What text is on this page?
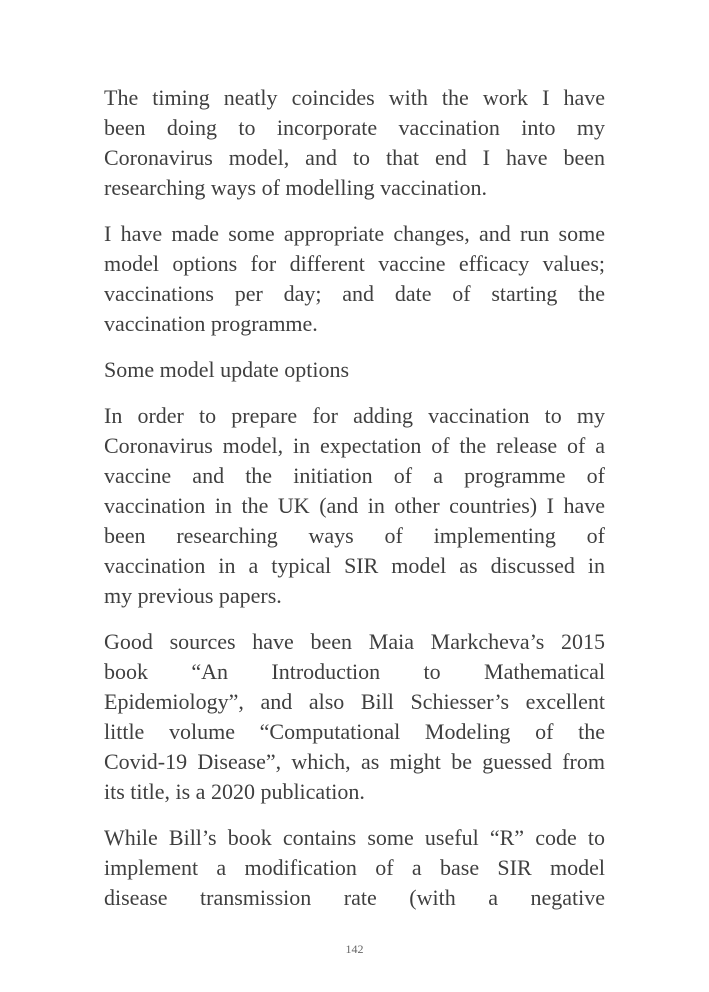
The timing neatly coincides with the work I have
been doing to incorporate vaccination into my
Coronavirus model, and to that end I have been
researching ways of modelling vaccination.
I have made some appropriate changes, and run some
model options for different vaccine efficacy values;
vaccinations per day; and date of starting the
vaccination programme.
Some model update options
In order to prepare for adding vaccination to my
Coronavirus model, in expectation of the release of a
vaccine and the initiation of a programme of
vaccination in the UK (and in other countries) I have
been researching ways of implementing of
vaccination in a typical SIR model as discussed in
my previous papers.
Good sources have been Maia Markcheva’s 2015
book “An Introduction to Mathematical
Epidemiology”, and also Bill Schiesser’s excellent
little volume “Computational Modeling of the
Covid-19 Disease”, which, as might be guessed from
its title, is a 2020 publication.
While Bill’s book contains some useful “R” code to
implement a modification of a base SIR model
disease transmission rate (with a negative
142
